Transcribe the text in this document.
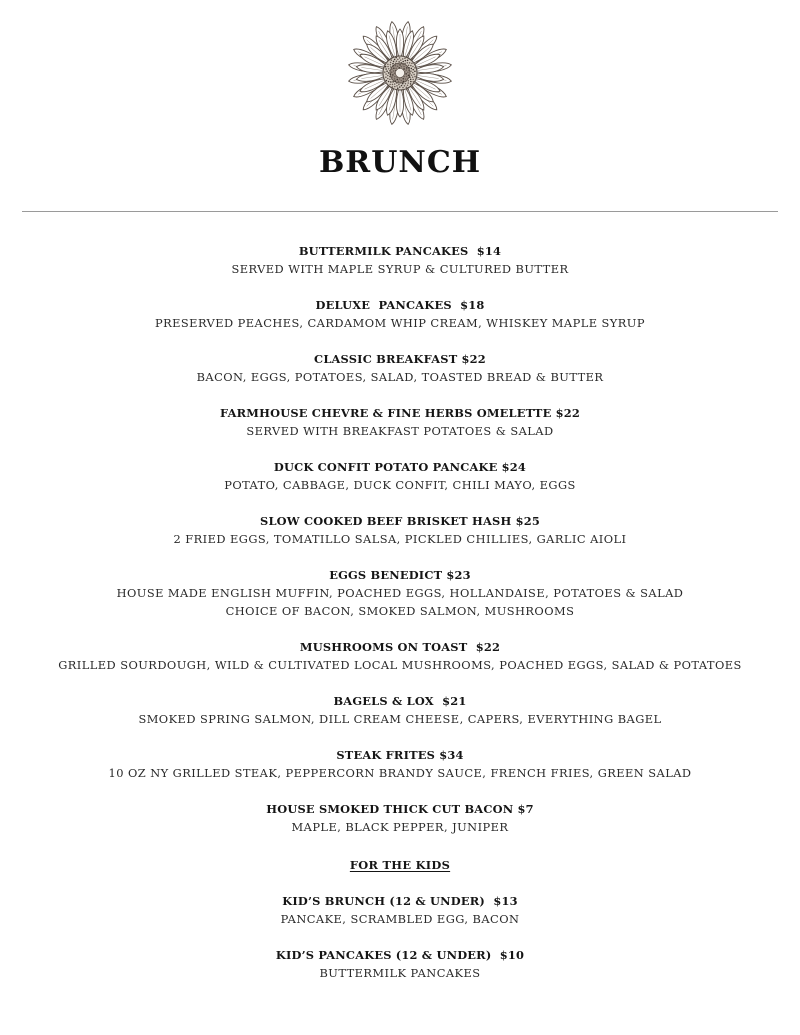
BRUNCH
BUTTERMILK PANCAKES  $14
SERVED WITH MAPLE SYRUP & CULTURED BUTTER
DELUXE  PANCAKES  $18
PRESERVED PEACHES, CARDAMOM WHIP CREAM, WHISKEY MAPLE SYRUP
CLASSIC BREAKFAST $22
BACON, EGGS, POTATOES, SALAD, TOASTED BREAD & BUTTER
FARMHOUSE CHEVRE & FINE HERBS OMELETTE $22
SERVED WITH BREAKFAST POTATOES & SALAD
DUCK CONFIT POTATO PANCAKE $24
POTATO, CABBAGE, DUCK CONFIT, CHILI MAYO, EGGS
SLOW COOKED BEEF BRISKET HASH $25
2 FRIED EGGS, TOMATILLO SALSA, PICKLED CHILLIES, GARLIC AIOLI
EGGS BENEDICT $23
HOUSE MADE ENGLISH MUFFIN, POACHED EGGS, HOLLANDAISE, POTATOES & SALAD
CHOICE OF BACON, SMOKED SALMON, MUSHROOMS
MUSHROOMS ON TOAST  $22
GRILLED SOURDOUGH, WILD & CULTIVATED LOCAL MUSHROOMS, POACHED EGGS, SALAD & POTATOES
BAGELS & LOX  $21
SMOKED SPRING SALMON, DILL CREAM CHEESE, CAPERS, EVERYTHING BAGEL
STEAK FRITES $34
10 OZ NY GRILLED STEAK, PEPPERCORN BRANDY SAUCE, FRENCH FRIES, GREEN SALAD
HOUSE SMOKED THICK CUT BACON $7
MAPLE, BLACK PEPPER, JUNIPER
FOR THE KIDS
KID’S BRUNCH (12 & UNDER)  $13
PANCAKE, SCRAMBLED EGG, BACON
KID’S PANCAKES (12 & UNDER)  $10
BUTTERMILK PANCAKES
